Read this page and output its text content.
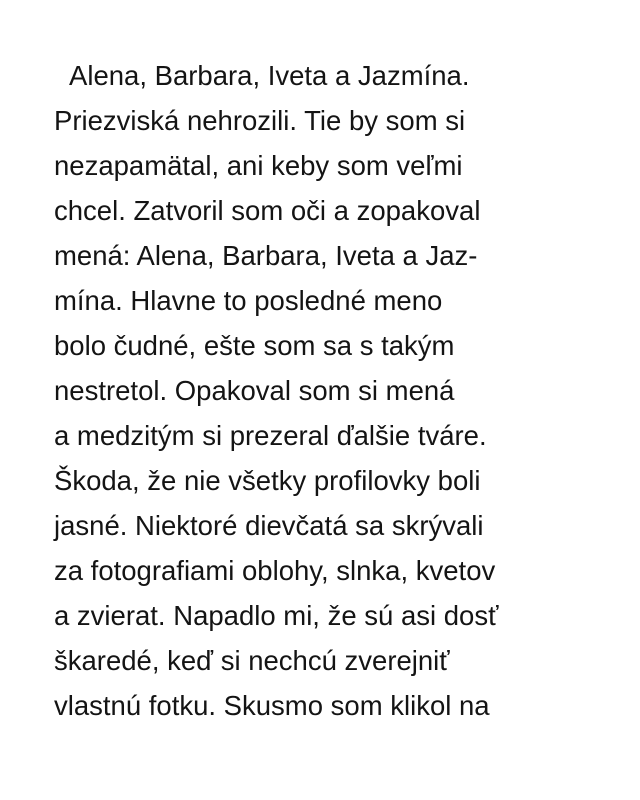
Alena, Barbara, Iveta a Jazmína.
Priezviská nehrozili. Tie by som si
nezapamätal, ani keby som veľmi
chcel. Zatvoril som oči a zopakoval
mená: Alena, Barbara, Iveta a Jaz-
mína. Hlavne to posledné meno
bolo čudné, ešte som sa s takým
nestretol. Opakoval som si mená
a medzitým si prezeral ďalšie tváre.
Škoda, že nie všetky profilovky boli
jasné. Niektoré dievčatá sa skrývali
za fotografiami oblohy, slnka, kvetov
a zvierat. Napadlo mi, že sú asi dosť
škaredé, keď si nechcú zverejniť
vlastnú fotku. Skusmo som klikol na
